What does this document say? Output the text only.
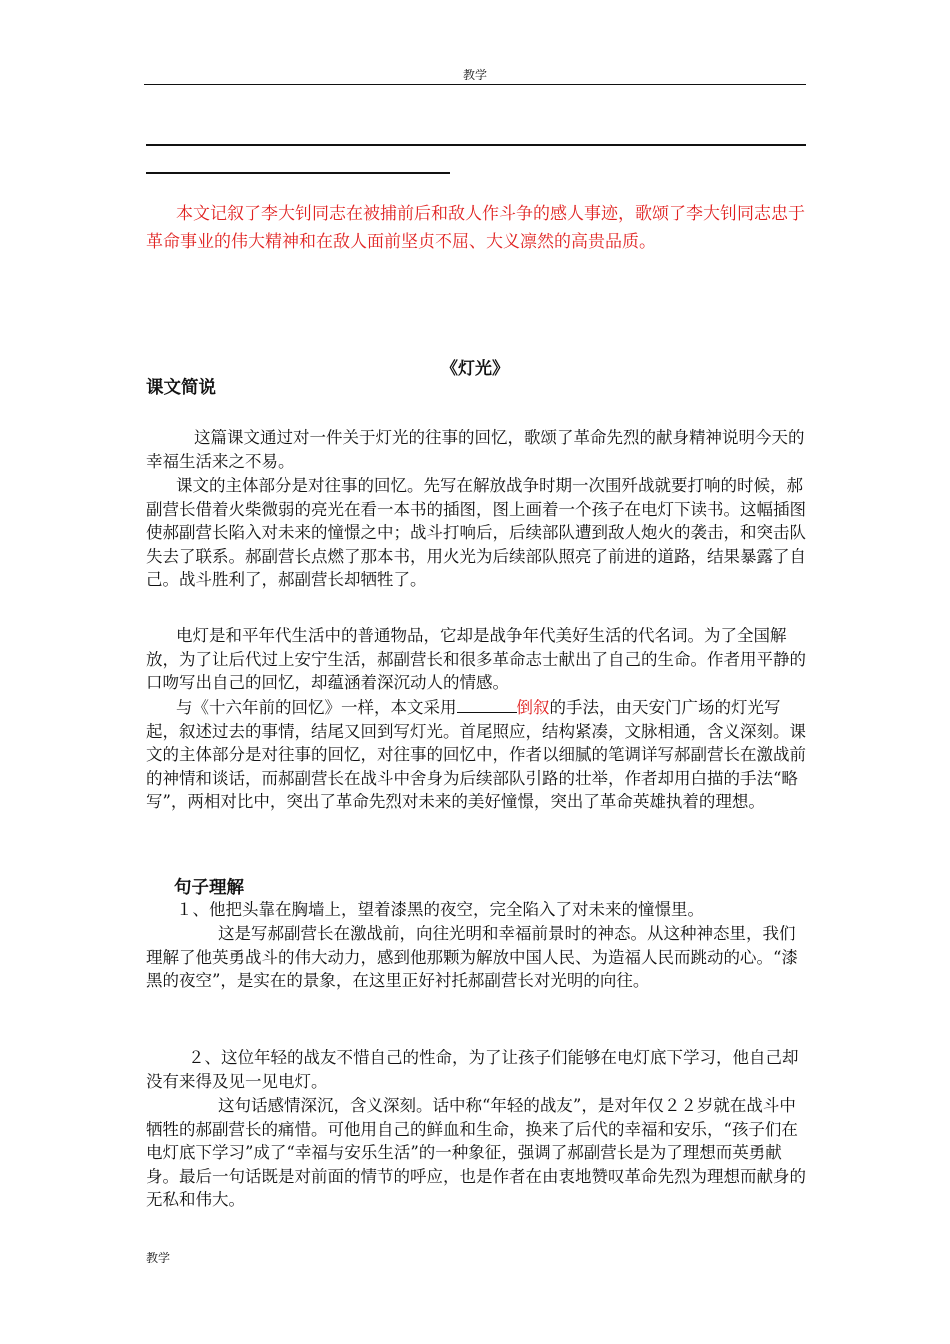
教学

本文记叙了李大钊同志在被捕前后和敌人作斗争的感人事迹，歌颂了李大钊同志忠于革命事业的伟大精神和在敌人面前坚贞不屈、大义凛然的高贵品质。

《灯光》
课文简说

这篇课文通过对一件关于灯光的往事的回忆，歌颂了革命先烈的献身精神说明今天的幸福生活来之不易。

课文的主体部分是对往事的回忆。先写在解放战争时期一次围歼战就要打响的时候，郝副营长借着火柴微弱的亮光在看一本书的插图，图上画着一个孩子在电灯下读书。这幅插图使郝副营长陷入对未来的憧憬之中；战斗打响后，后续部队遭到敌人炮火的袭击，和突击队失去了联系。郝副营长点燃了那本书，用火光为后续部队照亮了前进的道路，结果暴露了自己。战斗胜利了，郝副营长却牺牲了。

电灯是和平年代生活中的普通物品，它却是战争年代美好生活的代名词。为了全国解放，为了让后代过上安宁生活，郝副营长和很多革命志士献出了自己的生命。作者用平静的口吻写出自己的回忆，却蕴涵着深沉动人的情感。

与《十六年前的回忆》一样，本文采用	倒叙的手法，由天安门广场的灯光写起，叙述过去的事情，结尾又回到写灯光。首尾照应，结构紧凑，文脉相通，含义深刻。课文的主体部分是对往事的回忆，对往事的回忆中，作者以细腻的笔调详写郝副营长在激战前的神情和谈话，而郝副营长在战斗中舍身为后续部队引路的壮举，作者却用白描的手法“略写”，两相对比中，突出了革命先烈对未来的美好憧憬，突出了革命英雄执着的理想。

句子理解

１、他把头靠在胸墙上，望着漆黑的夜空，完全陷入了对未来的憧憬里。

这是写郝副营长在激战前，向往光明和幸福前景时的神态。从这种神态里，我们理解了他英勇战斗的伟大动力，感到他那颗为解放中国人民、为造福人民而跳动的心。“漆黑的夜空”，是实在的景象，在这里正好衬托郝副营长对光明的向往。

２、这位年轻的战友不惜自己的性命，为了让孩子们能够在电灯底下学习，他自己却没有来得及见一见电灯。

这句话感情深沉，含义深刻。话中称“年轻的战友”，是对年仅２２岁就在战斗中牺牲的郝副营长的痛惜。可他用自己的鲜血和生命，换来了后代的幸福和安乐，“孩子们在电灯底下学习”成了“幸福与安乐生活”的一种象征，强调了郝副营长是为了理想而英勇献身。最后一句话既是对前面的情节的呼应，也是作者在由衷地赞叹革命先烈为理想而献身的无私和伟大。

教学
